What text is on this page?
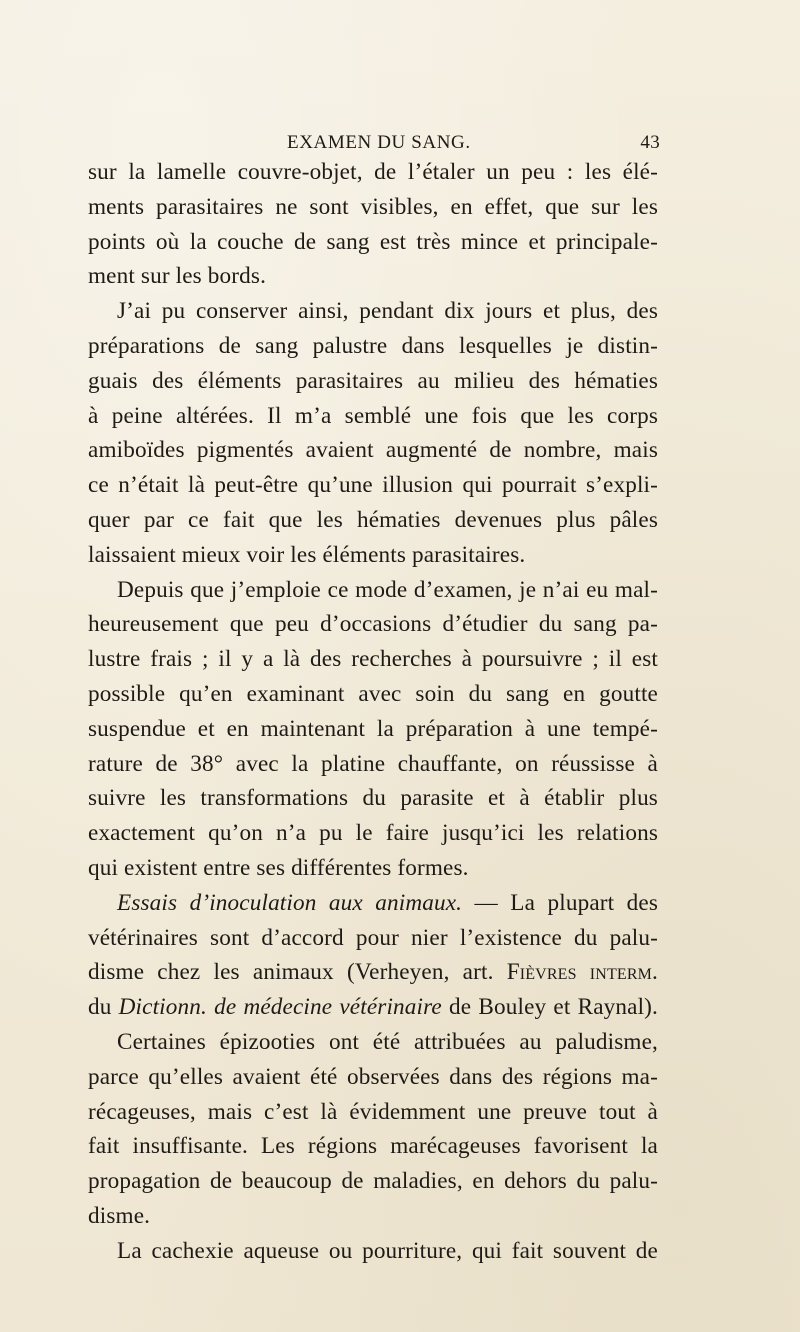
EXAMEN DU SANG.	43
sur la lamelle couvre-objet, de l’étaler un peu : les élé-
ments parasitaires ne sont visibles, en effet, que sur les
points où la couche de sang est très mince et principale-
ment sur les bords.
J’ai pu conserver ainsi, pendant dix jours et plus, des
préparations de sang palustre dans lesquelles je distin-
guais des éléments parasitaires au milieu des hématies
à peine altérées. Il m’a semblé une fois que les corps
amiboïdes pigmentés avaient augmenté de nombre, mais
ce n’était là peut-être qu’une illusion qui pourrait s’expli-
quer par ce fait que les hématies devenues plus pâles
laissaient mieux voir les éléments parasitaires.
Depuis que j’emploie ce mode d’examen, je n’ai eu mal-
heureusement que peu d’occasions d’étudier du sang pa-
lustre frais ; il y a là des recherches à poursuivre ; il est
possible qu’en examinant avec soin du sang en goutte
suspendue et en maintenant la préparation à une tempé-
rature de 38° avec la platine chauffante, on réussisse à
suivre les transformations du parasite et à établir plus
exactement qu’on n’a pu le faire jusqu’ici les relations
qui existent entre ses différentes formes.
Essais d’inoculation aux animaux. — La plupart des
vétérinaires sont d’accord pour nier l’existence du palu-
disme chez les animaux (Verheyen, art. Fièvres interm.
du Dictionn. de médecine vétérinaire de Bouley et Raynal).
Certaines épizooties ont été attribuées au paludisme,
parce qu’elles avaient été observées dans des régions ma-
récageuses, mais c’est là évidemment une preuve tout à
fait insuffisante. Les régions marécageuses favorisent la
propagation de beaucoup de maladies, en dehors du palu-
disme.
La cachexie aqueuse ou pourriture, qui fait souvent de
